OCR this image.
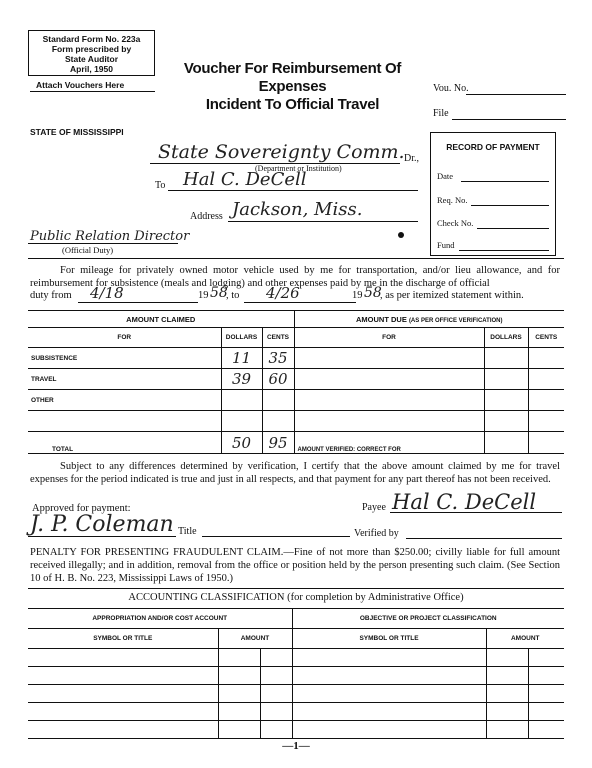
Standard Form No. 223a
Form prescribed by
State Auditor
April, 1950
Attach Vouchers Here
Voucher For Reimbursement Of Expenses
Incident To Official Travel
Vou. No.
File
STATE OF MISSISSIPPI
State Sovereignty Comm. Dr.,
(Department or Institution)
To Hal C. DeCell
Address Jackson, Miss.
Public Relation Director
(Official Duty)
RECORD OF PAYMENT
Date
Req. No.
Check No.
Fund
For mileage for privately owned motor vehicle used by me for transportation, and/or lieu allowance, and for reimbursement for subsistence (meals and lodging) and other expenses paid by me in the discharge of official
duty from 4/18	19 58
, to 4/26	19 58
, as per itemized statement within.
AMOUNT CLAIMED			AMOUNT DUE (AS PER OFFICE VERIFICATION)		
FOR	DOLLARS	CENTS	FOR	DOLLARS	CENTS
SUBSISTENCE	11	35			
TRAVEL	39	60			
OTHER					

TOTAL	50	95	AMOUNT VERIFIED: CORRECT FOR		
Subject to any differences determined by verification, I certify that the above amount claimed by me for travel expenses for the period indicated is true and just in all respects, and that payment for any part thereof has not been received.
Approved for payment:
J. P. Coleman Title
Payee Hal C. DeCell
Verified by
PENALTY FOR PRESENTING FRAUDULENT CLAIM.—Fine of not more than $250.00; civilly liable for full amount received illegally; and in addition, removal from the office or position held by the person presenting such claim. (See Section 10 of H. B. No. 223, Mississippi Laws of 1950.)
ACCOUNTING CLASSIFICATION (for completion by Administrative Office)
APPROPRIATION AND/OR COST ACCOUNT			OBJECTIVE OR PROJECT CLASSIFICATION		
SYMBOL OR TITLE	AMOUNT		SYMBOL OR TITLE	AMOUNT	

—1—
